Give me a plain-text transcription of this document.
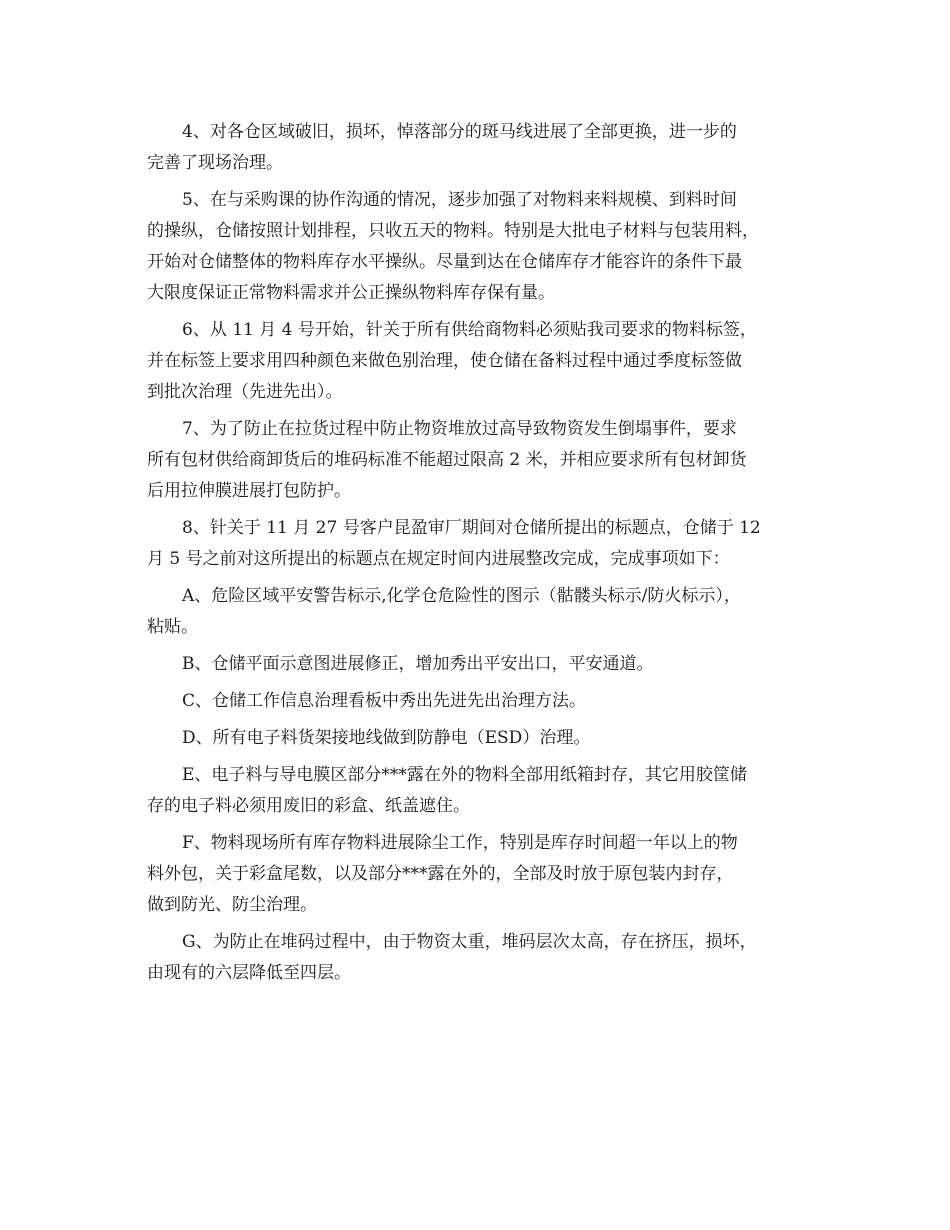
4、对各仓区域破旧，损坏，悼落部分的斑马线进展了全部更换，进一步的
完善了现场治理。

5、在与采购课的协作沟通的情况，逐步加强了对物料来料规模、到料时间
的操纵，仓储按照计划排程，只收五天的物料。特别是大批电子材料与包装用料，
开始对仓储整体的物料库存水平操纵。尽量到达在仓储库存才能容许的条件下最
大限度保证正常物料需求并公正操纵物料库存保有量。

6、从 11 月 4 号开始，针关于所有供给商物料必须贴我司要求的物料标签，
并在标签上要求用四种颜色来做色别治理，使仓储在备料过程中通过季度标签做
到批次治理（先进先出）。

7、为了防止在拉货过程中防止物资堆放过高导致物资发生倒塌事件，要求
所有包材供给商卸货后的堆码标准不能超过限高 2 米，并相应要求所有包材卸货
后用拉伸膜进展打包防护。

8、针关于 11 月 27 号客户昆盈审厂期间对仓储所提出的标题点，仓储于 12
月 5 号之前对这所提出的标题点在规定时间内进展整改完成，完成事项如下：

A、危险区域平安警告标示,化学仓危险性的图示（骷髅头标示/防火标示），
粘贴。

B、仓储平面示意图进展修正，增加秀出平安出口，平安通道。

C、仓储工作信息治理看板中秀出先进先出治理方法。

D、所有电子料货架接地线做到防静电（ESD）治理。

E、电子料与导电膜区部分***露在外的物料全部用纸箱封存，其它用胶筐储
存的电子料必须用废旧的彩盒、纸盖遮住。

F、物料现场所有库存物料进展除尘工作，特别是库存时间超一年以上的物
料外包，关于彩盒尾数，以及部分***露在外的，全部及时放于原包装内封存，
做到防光、防尘治理。

G、为防止在堆码过程中，由于物资太重，堆码层次太高，存在挤压，损坏，
由现有的六层降低至四层。
